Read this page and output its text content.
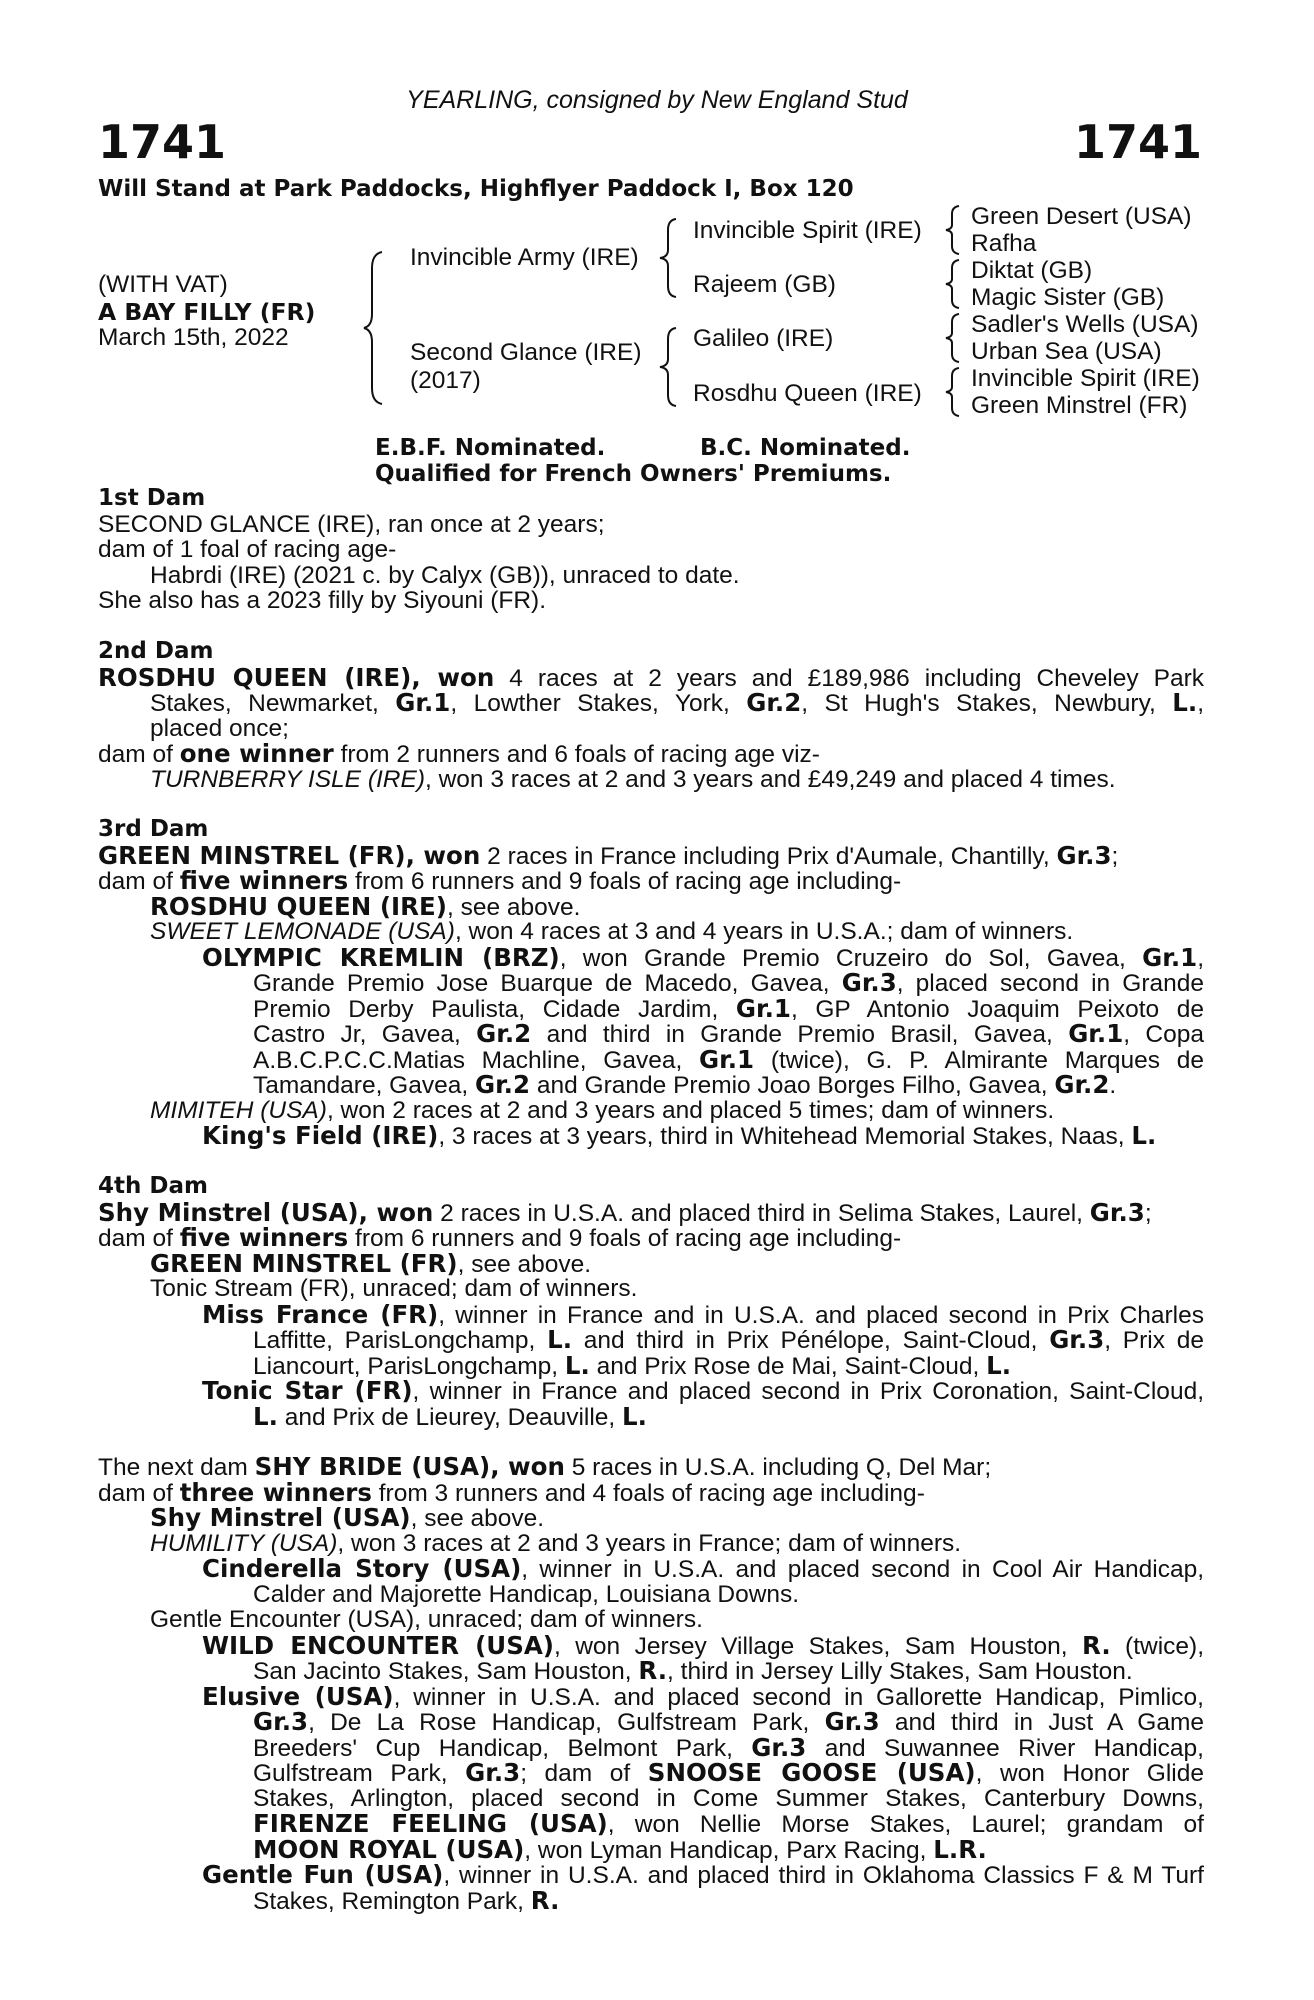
YEARLING, consigned by New England Stud
1741	1741
Will Stand at Park Paddocks, Highflyer Paddock I, Box 120
(WITH VAT)
A BAY FILLY (FR)
March 15th, 2022
Invincible Army (IRE)
Second Glance (IRE)
(2017)
Invincible Spirit (IRE)
Rajeem (GB)
Galileo (IRE)
Rosdhu Queen (IRE)
Green Desert (USA)
Rafha
Diktat (GB)
Magic Sister (GB)
Sadler's Wells (USA)
Urban Sea (USA)
Invincible Spirit (IRE)
Green Minstrel (FR)
E.B.F. Nominated.	B.C. Nominated.
Qualified for French Owners' Premiums.
1st Dam
SECOND GLANCE (IRE), ran once at 2 years;
dam of 1 foal of racing age-
Habrdi (IRE) (2021 c. by Calyx (GB)), unraced to date.
She also has a 2023 filly by Siyouni (FR).
2nd Dam
ROSDHU QUEEN (IRE), won 4 races at 2 years and £189,986 including Cheveley Park
Stakes, Newmarket, Gr.1, Lowther Stakes, York, Gr.2, St Hugh's Stakes, Newbury, L.,
placed once;
dam of one winner from 2 runners and 6 foals of racing age viz-
TURNBERRY ISLE (IRE), won 3 races at 2 and 3 years and £49,249 and placed 4 times.
3rd Dam
GREEN MINSTREL (FR), won 2 races in France including Prix d'Aumale, Chantilly, Gr.3;
dam of five winners from 6 runners and 9 foals of racing age including-
ROSDHU QUEEN (IRE), see above.
SWEET LEMONADE (USA), won 4 races at 3 and 4 years in U.S.A.; dam of winners.
OLYMPIC KREMLIN (BRZ), won Grande Premio Cruzeiro do Sol, Gavea, Gr.1,
Grande Premio Jose Buarque de Macedo, Gavea, Gr.3, placed second in Grande
Premio Derby Paulista, Cidade Jardim, Gr.1, GP Antonio Joaquim Peixoto de
Castro Jr, Gavea, Gr.2 and third in Grande Premio Brasil, Gavea, Gr.1, Copa
A.B.C.P.C.C.Matias Machline, Gavea, Gr.1 (twice), G. P. Almirante Marques de
Tamandare, Gavea, Gr.2 and Grande Premio Joao Borges Filho, Gavea, Gr.2.
MIMITEH (USA), won 2 races at 2 and 3 years and placed 5 times; dam of winners.
King's Field (IRE), 3 races at 3 years, third in Whitehead Memorial Stakes, Naas, L.
4th Dam
Shy Minstrel (USA), won 2 races in U.S.A. and placed third in Selima Stakes, Laurel, Gr.3;
dam of five winners from 6 runners and 9 foals of racing age including-
GREEN MINSTREL (FR), see above.
Tonic Stream (FR), unraced; dam of winners.
Miss France (FR), winner in France and in U.S.A. and placed second in Prix Charles
Laffitte, ParisLongchamp, L. and third in Prix Pénélope, Saint-Cloud, Gr.3, Prix de
Liancourt, ParisLongchamp, L. and Prix Rose de Mai, Saint-Cloud, L.
Tonic Star (FR), winner in France and placed second in Prix Coronation, Saint-Cloud,
L. and Prix de Lieurey, Deauville, L.
The next dam SHY BRIDE (USA), won 5 races in U.S.A. including Q, Del Mar;
dam of three winners from 3 runners and 4 foals of racing age including-
Shy Minstrel (USA), see above.
HUMILITY (USA), won 3 races at 2 and 3 years in France; dam of winners.
Cinderella Story (USA), winner in U.S.A. and placed second in Cool Air Handicap,
Calder and Majorette Handicap, Louisiana Downs.
Gentle Encounter (USA), unraced; dam of winners.
WILD ENCOUNTER (USA), won Jersey Village Stakes, Sam Houston, R. (twice),
San Jacinto Stakes, Sam Houston, R., third in Jersey Lilly Stakes, Sam Houston.
Elusive (USA), winner in U.S.A. and placed second in Gallorette Handicap, Pimlico,
Gr.3, De La Rose Handicap, Gulfstream Park, Gr.3 and third in Just A Game
Breeders' Cup Handicap, Belmont Park, Gr.3 and Suwannee River Handicap,
Gulfstream Park, Gr.3; dam of SNOOSE GOOSE (USA), won Honor Glide
Stakes, Arlington, placed second in Come Summer Stakes, Canterbury Downs,
FIRENZE FEELING (USA), won Nellie Morse Stakes, Laurel; grandam of
MOON ROYAL (USA), won Lyman Handicap, Parx Racing, L.R.
Gentle Fun (USA), winner in U.S.A. and placed third in Oklahoma Classics F & M Turf
Stakes, Remington Park, R.
